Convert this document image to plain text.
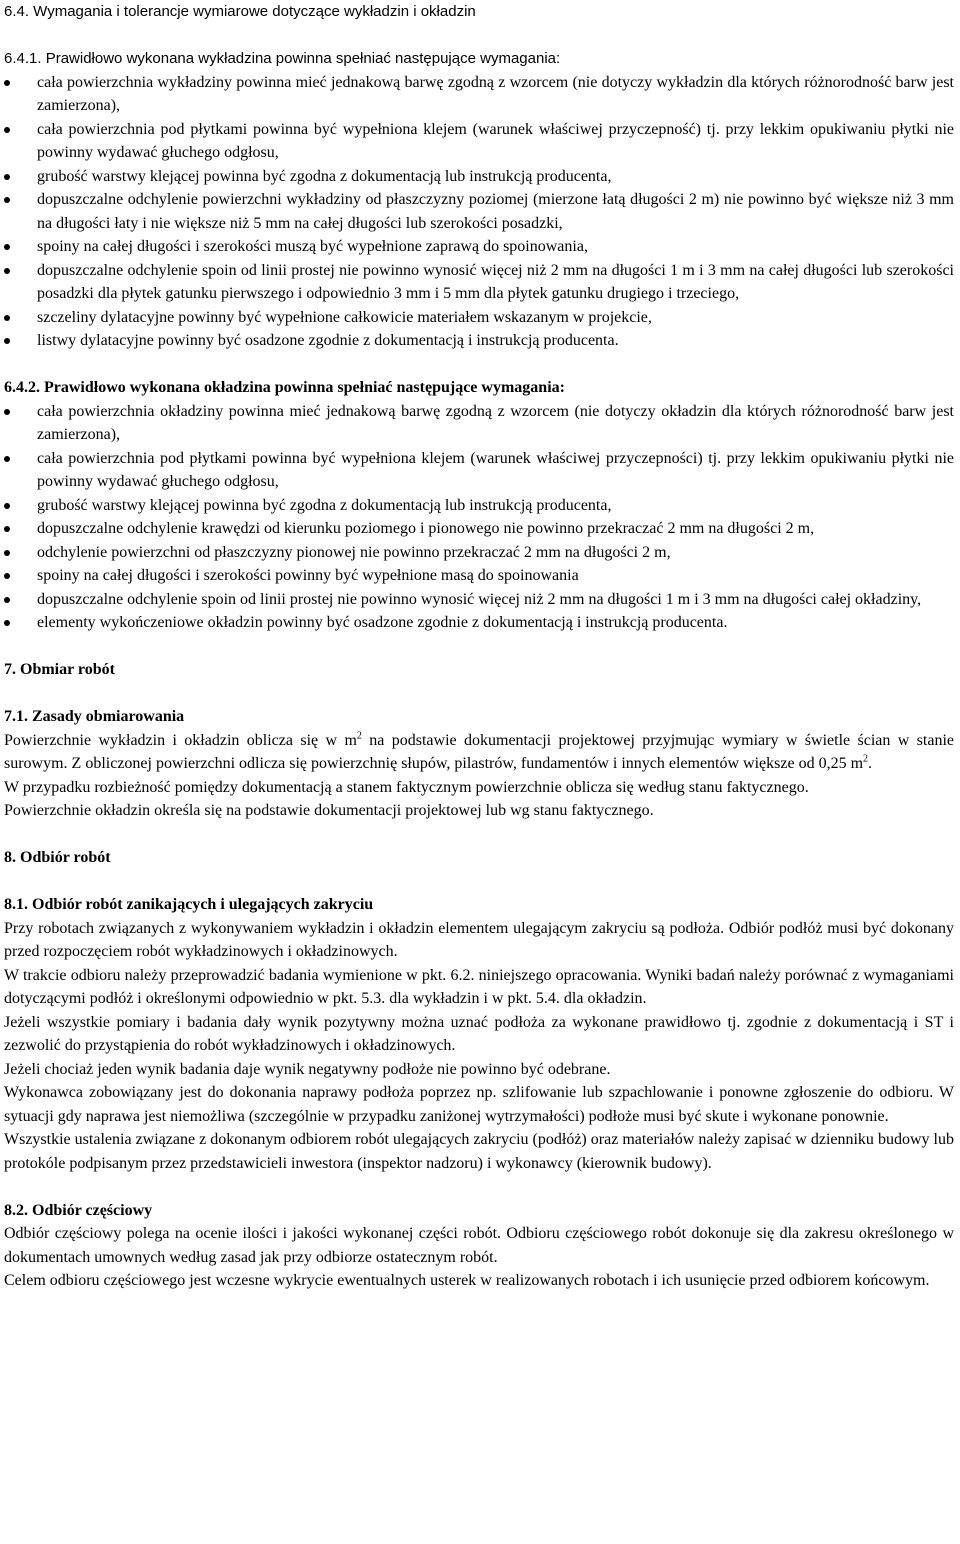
6.4. Wymagania i tolerancje wymiarowe dotyczące wykładzin i okładzin

6.4.1. Prawidłowo wykonana wykładzina powinna spełniać następujące wymagania:

cała powierzchnia wykładziny powinna mieć jednakową barwę zgodną z wzorcem (nie dotyczy wykładzin dla których różnorodność barw jest zamierzona),
cała powierzchnia pod płytkami powinna być wypełniona klejem (warunek właściwej przyczepność) tj. przy lekkim opukiwaniu płytki nie powinny wydawać głuchego odgłosu,
grubość warstwy klejącej powinna być zgodna z dokumentacją lub instrukcją producenta,
dopuszczalne odchylenie powierzchni wykładziny od płaszczyzny poziomej (mierzone łatą długości 2 m) nie powinno być większe niż 3 mm na długości łaty i nie większe niż 5 mm na całej długości lub szerokości posadzki,
spoiny na całej długości i szerokości muszą być wypełnione zaprawą do spoinowania,
dopuszczalne odchylenie spoin od linii prostej nie powinno wynosić więcej niż 2 mm na długości 1 m i 3 mm na całej długości lub szerokości posadzki dla płytek gatunku pierwszego i odpowiednio 3 mm i 5 mm dla płytek gatunku drugiego i trzeciego,
szczeliny dylatacyjne powinny być wypełnione całkowicie materiałem wskazanym w projekcie,
listwy dylatacyjne powinny być osadzone zgodnie z dokumentacją i instrukcją producenta.

6.4.2. Prawidłowo wykonana okładzina powinna spełniać następujące wymagania:

cała powierzchnia okładziny powinna mieć jednakową barwę zgodną z wzorcem (nie dotyczy okładzin dla których różnorodność barw jest zamierzona),
cała powierzchnia pod płytkami powinna być wypełniona klejem (warunek właściwej przyczepności) tj. przy lekkim opukiwaniu płytki nie powinny wydawać głuchego odgłosu,
grubość warstwy klejącej powinna być zgodna z dokumentacją lub instrukcją producenta,
dopuszczalne odchylenie krawędzi od kierunku poziomego i pionowego nie powinno przekraczać 2 mm na długości 2 m,
odchylenie powierzchni od płaszczyzny pionowej nie powinno przekraczać 2 mm na długości 2 m,
spoiny na całej długości i szerokości powinny być wypełnione masą do spoinowania
dopuszczalne odchylenie spoin od linii prostej nie powinno wynosić więcej niż 2 mm na długości 1 m i 3 mm na długości całej okładziny,
elementy wykończeniowe okładzin powinny być osadzone zgodnie z dokumentacją i instrukcją producenta.

7. Obmiar robót

7.1. Zasady obmiarowania

Powierzchnie wykładzin i okładzin oblicza się w $m^2$ na podstawie dokumentacji projektowej przyjmując wymiary w świetle ścian w stanie surowym. Z obliczonej powierzchni odlicza się powierzchnię słupów, pilastrów, fundamentów i innych elementów większe od 0,25 $m^2$.

W przypadku rozbieżność pomiędzy dokumentacją a stanem faktycznym powierzchnie oblicza się według stanu faktycznego.

Powierzchnie okładzin określa się na podstawie dokumentacji projektowej lub wg stanu faktycznego.

8. Odbiór robót

8.1. Odbiór robót zanikających i ulegających zakryciu

Przy robotach związanych z wykonywaniem wykładzin i okładzin elementem ulegającym zakryciu są podłoża. Odbiór podłóż musi być dokonany przed rozpoczęciem robót wykładzinowych i okładzinowych.

W trakcie odbioru należy przeprowadzić badania wymienione w pkt. 6.2. niniejszego opracowania. Wyniki badań należy porównać z wymaganiami dotyczącymi podłóż i określonymi odpowiednio w pkt. 5.3. dla wykładzin i w pkt. 5.4. dla okładzin.

Jeżeli wszystkie pomiary i badania dały wynik pozytywny można uznać podłoża za wykonane prawidłowo tj. zgodnie z dokumentacją i ST i zezwolić do przystąpienia do robót wykładzinowych i okładzinowych.

Jeżeli chociaż jeden wynik badania daje wynik negatywny podłoże nie powinno być odebrane.

Wykonawca zobowiązany jest do dokonania naprawy podłoża poprzez np. szlifowanie lub szpachlowanie i ponowne zgłoszenie do odbioru. W sytuacji gdy naprawa jest niemożliwa (szczególnie w przypadku zaniżonej wytrzymałości) podłoże musi być skute i wykonane ponownie.

Wszystkie ustalenia związane z dokonanym odbiorem robót ulegających zakryciu (podłóż) oraz materiałów należy zapisać w dzienniku budowy lub protokóle podpisanym przez przedstawicieli inwestora (inspektor nadzoru) i wykonawcy (kierownik budowy).

8.2. Odbiór częściowy

Odbiór częściowy polega na ocenie ilości i jakości wykonanej części robót. Odbioru częściowego robót dokonuje się dla zakresu określonego w dokumentach umownych według zasad jak przy odbiorze ostatecznym robót.

Celem odbioru częściowego jest wczesne wykrycie ewentualnych usterek w realizowanych robotach i ich usunięcie przed odbiorem końcowym.
